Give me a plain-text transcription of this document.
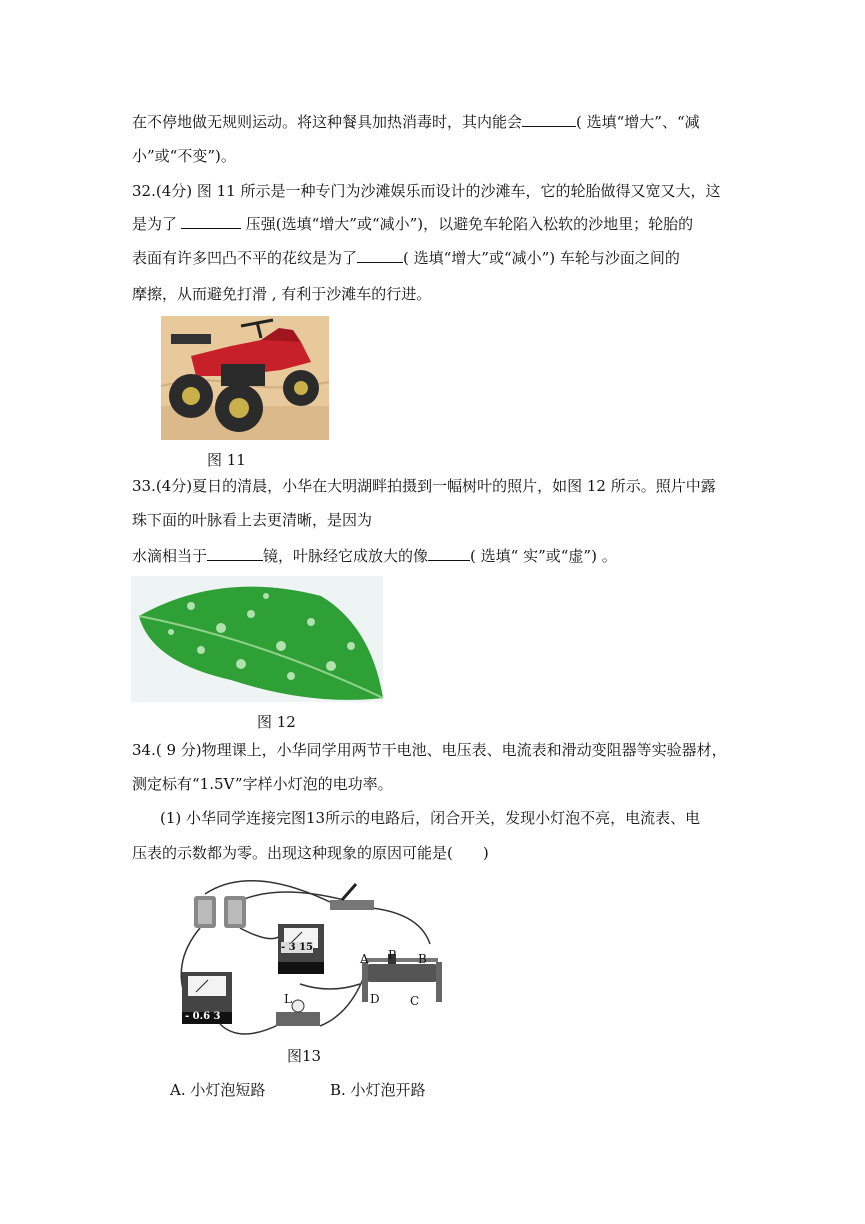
在不停地做无规则运动。将这种餐具加热消毒时，其内能会	( 选填“增大”、“减
小”或“不变”)。
32.(4分) 图 11 所示是一种专门为沙滩娱乐而设计的沙滩车，它的轮胎做得又宽又大，这
是为了	压强(选填“增大”或“减小”)，以避免车轮陷入松软的沙地里；轮胎的
表面有许多凹凸不平的花纹是为了	( 选填“增大”或“减小”) 车轮与沙面之间的
摩擦，从而避免打滑 , 有利于沙滩车的行进。
图 11
33.(4分)夏日的清晨，小华在大明湖畔拍摄到一幅树叶的照片，如图 12 所示。照片中露
珠下面的叶脉看上去更清晰，是因为
水滴相当于	镜，叶脉经它成放大的像	( 选填“ 实”或“虚”) 。
图 12
34.( 9 分)物理课上，小华同学用两节干电池、电压表、电流表和滑动变阻器等实验器材，
测定标有“1.5V”字样小灯泡的电功率。
(1) 小华同学连接完图13所示的电路后，闭合开关，发现小灯泡不亮，电流表、电
压表的示数都为零。出现这种现象的原因可能是(　　)
- 3 15
- 0.6 3
A P B
D	C
L
图13
A. 小灯泡短路	B. 小灯泡开路
